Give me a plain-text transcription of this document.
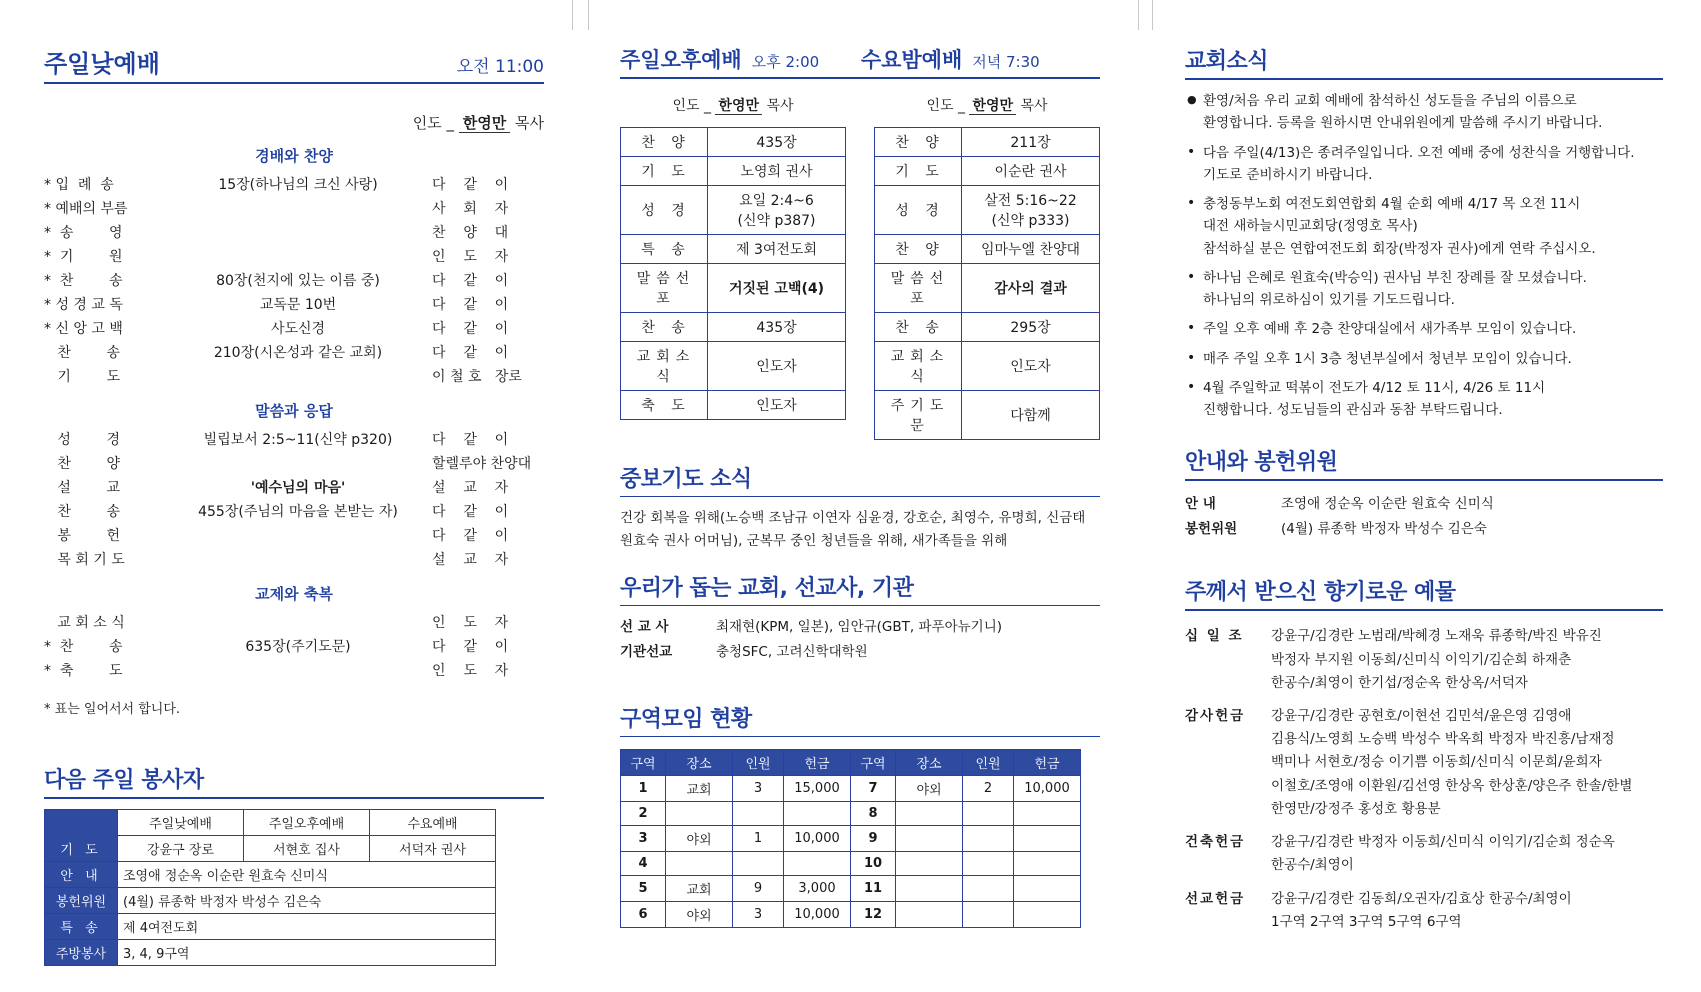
주일낮예배	오전 11:00
인도 _ 한영만 목사
경배와 찬양
* 입  례  송	15장(하나님의 크신 사랑)	다    같    이
* 예배의 부름		사    회    자
*  송        영		찬    양    대
*  기        원		인    도    자
*  찬        송	80장(천지에 있는 이름 중)	다    같    이
* 성 경 교 독	교독문 10번	다    같    이
* 신 앙 고 백	사도신경	다    같    이
찬        송	210장(시온성과 같은 교회)	다    같    이
기        도		이 철 호   장로
말씀과 응답
성        경	빌립보서 2:5~11(신약 p320)	다    같    이
찬        양		할렐루야 찬양대
설        교	'예수님의 마음'	설    교    자
찬        송	455장(주님의 마음을 본받는 자)	다    같    이
봉        헌		다    같    이
목 회 기 도		설    교    자
교제와 축복
교 회 소 식		인    도    자
*  찬        송	635장(주기도문)	다    같    이
*  축        도		인    도    자
* 표는 일어서서 합니다.
다음 주일 봉사자
	주일낮예배	주일오후예배	수요예배
기 도	강윤구 장로	서현호 집사	서덕자 권사
안 내	조영애 정순옥 이순란 원효숙 신미식		
봉헌위원	(4월) 류종학 박정자 박성수 김은숙		
특 송	제 4여전도회		
주방봉사	3, 4, 9구역		
주일오후예배 오후 2:00 수요밤예배 저녁 7:30
인도 _ 한영만 목사
찬 양	435장
기 도	노영희 권사
성 경	요일 2:4~6
(신약 p387)
특 송	제 3여전도회
말씀선포	거짓된 고백(4)
찬 송	435장
교회소식	인도자
축 도	인도자
인도 _ 한영만 목사
찬 양	211장
기 도	이순란 권사
성 경	살전 5:16~22
(신약 p333)
찬 양	임마누엘 찬양대
말씀선포	감사의 결과
찬 송	295장
교회소식	인도자
주기도문	다함께
중보기도 소식
건강 회복을 위해(노승백 조남규 이연자 심윤경, 강호순, 최영수, 유명희, 신금태
원효숙 권사 어머님), 군복무 중인 청년들을 위해, 새가족들을 위해
우리가 돕는 교회, 선교사, 기관
선 교 사	최재현(KPM, 일본), 임안규(GBT, 파푸아뉴기니)
기관선교	충청SFC, 고려신학대학원
구역모임 현황
구역	장소	인원	헌금	구역	장소	인원	헌금
1	교회	3	15,000	7	야외	2	10,000
2				8			
3	야외	1	10,000	9			
4				10			
5	교회	9	3,000	11			
6	야외	3	10,000	12			
교회소식
● 환영/처음 우리 교회 예배에 참석하신 성도들을 주님의 이름으로
환영합니다. 등록을 원하시면 안내위원에게 말씀해 주시기 바랍니다.
• 다음 주일(4/13)은 종려주일입니다. 오전 예배 중에 성찬식을 거행합니다.
기도로 준비하시기 바랍니다.
• 충청동부노회 여전도회연합회 4월 순회 예배 4/17 목 오전 11시
대전 새하늘시민교회당(정영호 목사)
참석하실 분은 연합여전도회 회장(박정자 권사)에게 연락 주십시오.
• 하나님 은혜로 원효숙(박승익) 권사님 부친 장례를 잘 모셨습니다.
하나님의 위로하심이 있기를 기도드립니다.
• 주일 오후 예배 후 2층 찬양대실에서 새가족부 모임이 있습니다.
• 매주 주일 오후 1시 3층 청년부실에서 청년부 모임이 있습니다.
• 4월 주일학교 떡볶이 전도가 4/12 토 11시, 4/26 토 11시
진행합니다. 성도님들의 관심과 동참 부탁드립니다.
안내와 봉헌위원
안 내	조영애 정순옥 이순란 원효숙 신미식
봉헌위원	(4월) 류종학 박정자 박성수 김은숙
주께서 받으신 향기로운 예물
십 일 조	강윤구/김경란 노범래/박혜경 노재욱 류종학/박진 박유진
박정자 부지원 이동희/신미식 이익기/김순희 하재춘
한공수/최영이 한기섭/정순옥 한상옥/서덕자
감사헌금	강윤구/김경란 공현호/이현선 김민석/윤은영 김영애
김용식/노영희 노승백 박성수 박옥희 박정자 박진흥/남재정
백미나 서현호/정승 이기쁨 이동희/신미식 이문희/윤희자
이철호/조영애 이환원/김선영 한상옥 한상훈/양은주 한솔/한별
한영만/강정주 홍성호 황용분
건축헌금	강윤구/김경란 박정자 이동희/신미식 이익기/김순희 정순옥
한공수/최영이
선교헌금	강윤구/김경란 김동희/오권자/김효상 한공수/최영이
1구역 2구역 3구역 5구역 6구역
